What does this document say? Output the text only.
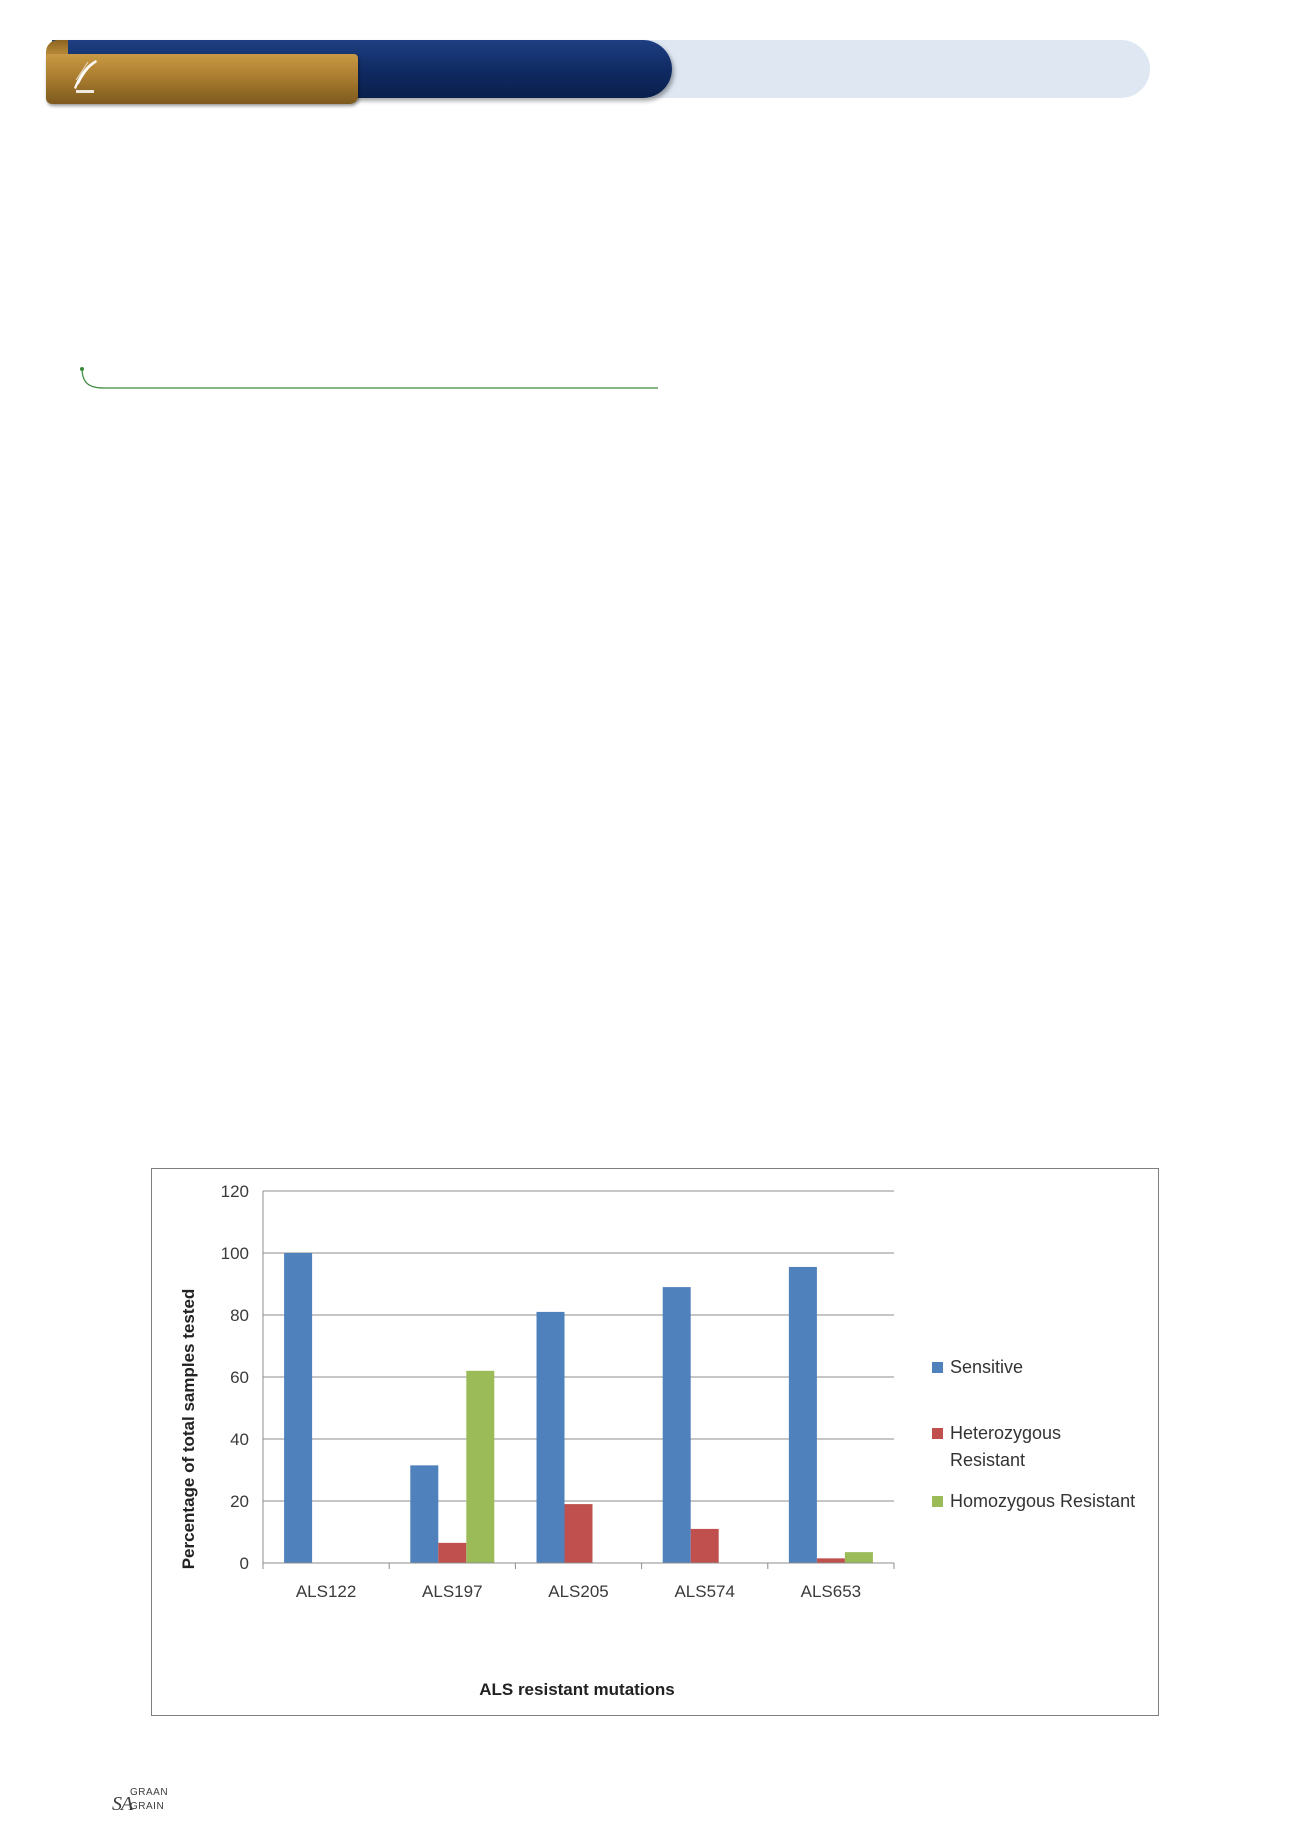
0
20
40
60
80
100
120
ALS122	ALS197	ALS205	ALS574	ALS653
Sensitive
Heterozygous Resistant
Homozygous Resistant
ALS resistant mutations
Percentage of total samples tested
SA
GRAAN
GRAIN
